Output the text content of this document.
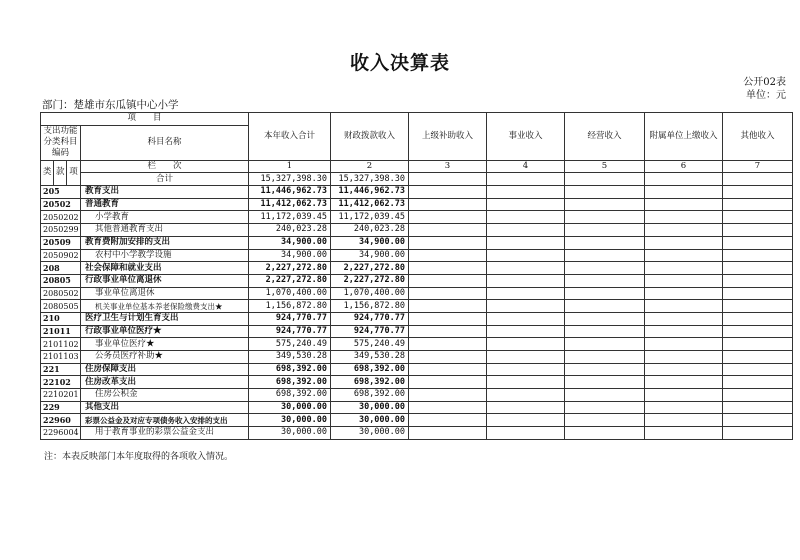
收入决算表
公开02表
单位：元
部门：楚雄市东瓜镇中心小学
项　　目				本年收入合计	财政拨款收入	上级补助收入	事业收入	经营收入	附属单位上缴收入	其他收入
支出功能分类科目编码			科目名称							

类	款	项	栏　　次	1	2	3	4	5	6	7
			合计	15,327,398.30	15,327,398.30					
205			教育支出	11,446,962.73	11,446,962.73					
20502			普通教育	11,412,062.73	11,412,062.73					
2050202			小学教育	11,172,039.45	11,172,039.45					
2050299			其他普通教育支出	240,023.28	240,023.28					
20509			教育费附加安排的支出	34,900.00	34,900.00					
2050902			农村中小学教学设施	34,900.00	34,900.00					
208			社会保障和就业支出	2,227,272.80	2,227,272.80					
20805			行政事业单位离退休	2,227,272.80	2,227,272.80					
2080502			事业单位离退休	1,070,400.00	1,070,400.00					
2080505			机关事业单位基本养老保险缴费支出★	1,156,872.80	1,156,872.80					
210			医疗卫生与计划生育支出	924,770.77	924,770.77					
21011			行政事业单位医疗★	924,770.77	924,770.77					
2101102			事业单位医疗★	575,240.49	575,240.49					
2101103			公务员医疗补助★	349,530.28	349,530.28					
221			住房保障支出	698,392.00	698,392.00					
22102			住房改革支出	698,392.00	698,392.00					
2210201			住房公积金	698,392.00	698,392.00					
229			其他支出	30,000.00	30,000.00					
22960			彩票公益金及对应专项债务收入安排的支出	30,000.00	30,000.00					
2296004			用于教育事业的彩票公益金支出	30,000.00	30,000.00					
注：本表反映部门本年度取得的各项收入情况。
